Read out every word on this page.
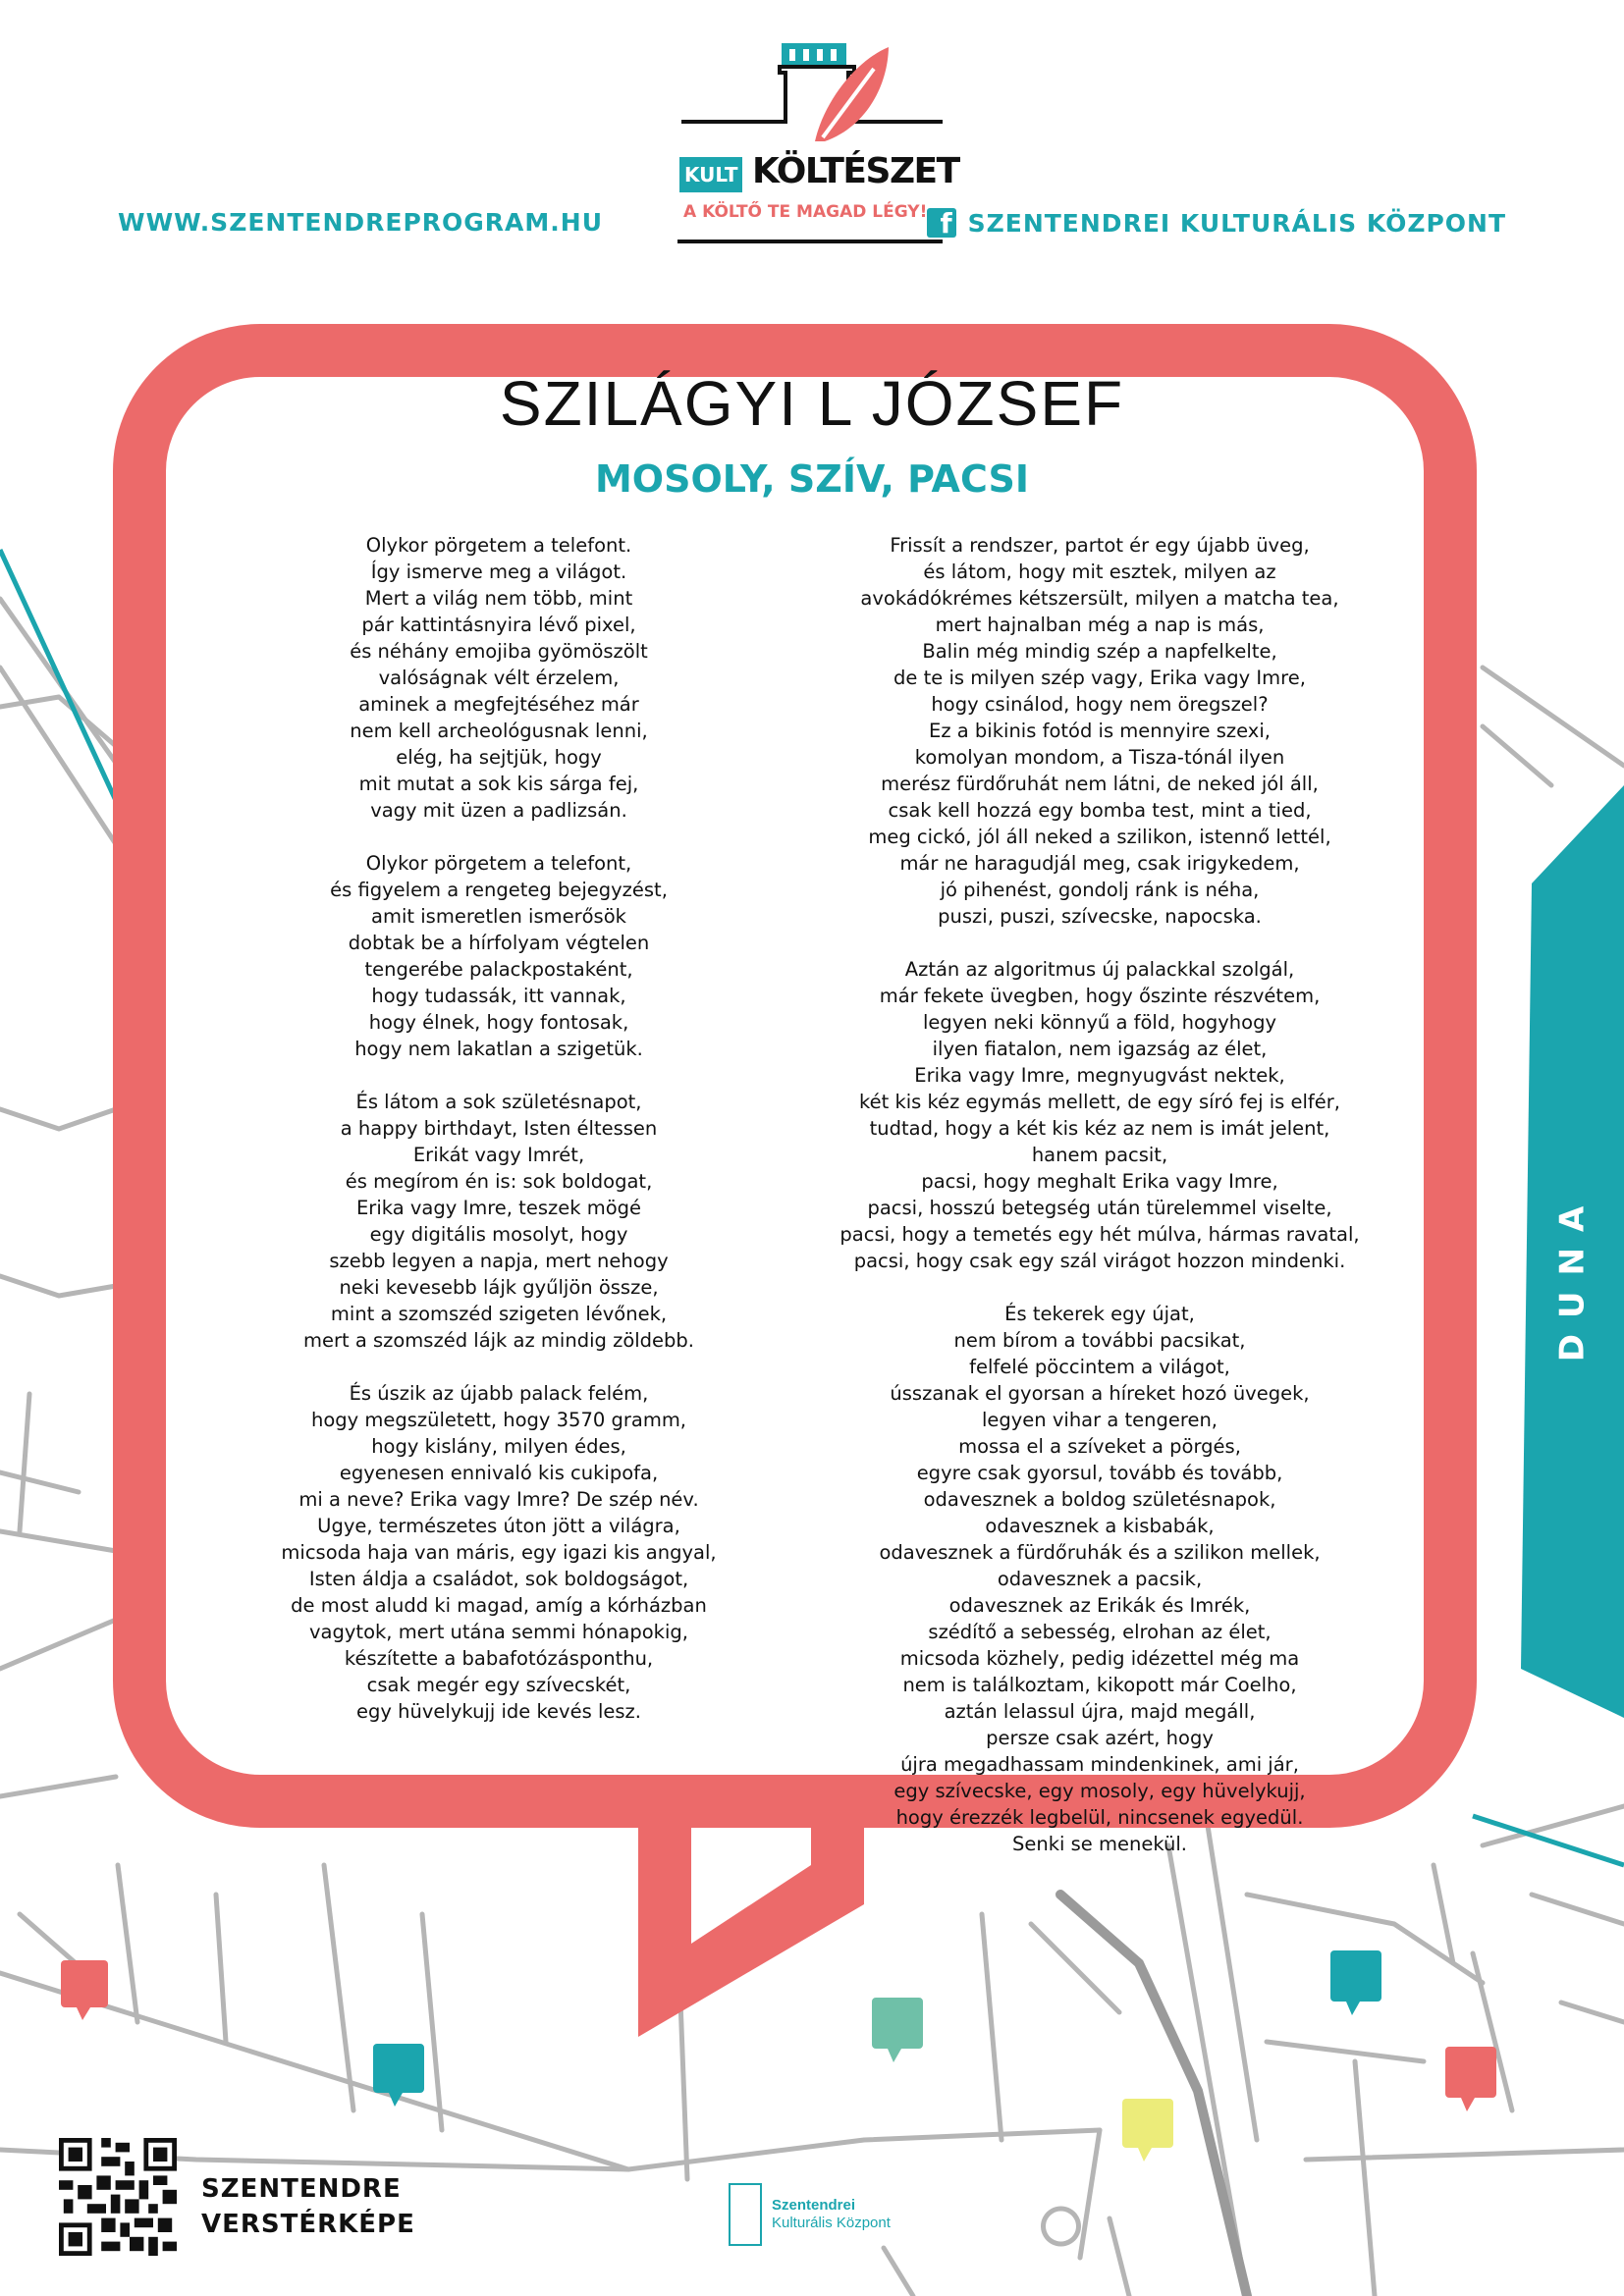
WWW.SZENTENDREPROGRAM.HU	f SZENTENDREI KULTURÁLIS KÖZPONT
KULT KÖLTÉSZET
A KÖLTŐ TE MAGAD LÉGY!
SZILÁGYI L JÓZSEF
MOSOLY, SZÍV, PACSI
Olykor pörgetem a telefont.
Így ismerve meg a világot.
Mert a világ nem több, mint
pár kattintásnyira lévő pixel,
és néhány emojiba gyömöszölt
valóságnak vélt érzelem,
aminek a megfejtéséhez már
nem kell archeológusnak lenni,
elég, ha sejtjük, hogy
mit mutat a sok kis sárga fej,
vagy mit üzen a padlizsán.
Olykor pörgetem a telefont,
és figyelem a rengeteg bejegyzést,
amit ismeretlen ismerősök
dobtak be a hírfolyam végtelen
tengerébe palackpostaként,
hogy tudassák, itt vannak,
hogy élnek, hogy fontosak,
hogy nem lakatlan a szigetük.
És látom a sok születésnapot,
a happy birthdayt, Isten éltessen
Erikát vagy Imrét,
és megírom én is: sok boldogat,
Erika vagy Imre, teszek mögé
egy digitális mosolyt, hogy
szebb legyen a napja, mert nehogy
neki kevesebb lájk gyűljön össze,
mint a szomszéd szigeten lévőnek,
mert a szomszéd lájk az mindig zöldebb.
És úszik az újabb palack felém,
hogy megszületett, hogy 3570 gramm,
hogy kislány, milyen édes,
egyenesen ennivaló kis cukipofa,
mi a neve? Erika vagy Imre? De szép név.
Ugye, természetes úton jött a világra,
micsoda haja van máris, egy igazi kis angyal,
Isten áldja a családot, sok boldogságot,
de most aludd ki magad, amíg a kórházban
vagytok, mert utána semmi hónapokig,
készítette a babafotózásponthu,
csak megér egy szívecskét,
egy hüvelykujj ide kevés lesz.
Frissít a rendszer, partot ér egy újabb üveg,
és látom, hogy mit esztek, milyen az
avokádókrémes kétszersült, milyen a matcha tea,
mert hajnalban még a nap is más,
Balin még mindig szép a napfelkelte,
de te is milyen szép vagy, Erika vagy Imre,
hogy csinálod, hogy nem öregszel?
Ez a bikinis fotód is mennyire szexi,
komolyan mondom, a Tisza-tónál ilyen
merész fürdőruhát nem látni, de neked jól áll,
csak kell hozzá egy bomba test, mint a tied,
meg cickó, jól áll neked a szilikon, istennő lettél,
már ne haragudjál meg, csak irigykedem,
jó pihenést, gondolj ránk is néha,
puszi, puszi, szívecske, napocska.
Aztán az algoritmus új palackkal szolgál,
már fekete üvegben, hogy őszinte részvétem,
legyen neki könnyű a föld, hogyhogy
ilyen fiatalon, nem igazság az élet,
Erika vagy Imre, megnyugvást nektek,
két kis kéz egymás mellett, de egy síró fej is elfér,
tudtad, hogy a két kis kéz az nem is imát jelent,
hanem pacsit,
pacsi, hogy meghalt Erika vagy Imre,
pacsi, hosszú betegség után türelemmel viselte,
pacsi, hogy a temetés egy hét múlva, hármas ravatal,
pacsi, hogy csak egy szál virágot hozzon mindenki.
És tekerek egy újat,
nem bírom a további pacsikat,
felfelé pöccintem a világot,
ússzanak el gyorsan a híreket hozó üvegek,
legyen vihar a tengeren,
mossa el a szíveket a pörgés,
egyre csak gyorsul, tovább és tovább,
odavesznek a boldog születésnapok,
odavesznek a kisbabák,
odavesznek a fürdőruhák és a szilikon mellek,
odavesznek a pacsik,
odavesznek az Erikák és Imrék,
szédítő a sebesség, elrohan az élet,
micsoda közhely, pedig idézettel még ma
nem is találkoztam, kikopott már Coelho,
aztán lelassul újra, majd megáll,
persze csak azért, hogy
újra megadhassam mindenkinek, ami jár,
egy szívecske, egy mosoly, egy hüvelykujj,
hogy érezzék legbelül, nincsenek egyedül.
Senki se menekül.
DUNA
SZENTENDRE
VERSTÉRKÉPE
Szentendrei
Kulturális Központ
